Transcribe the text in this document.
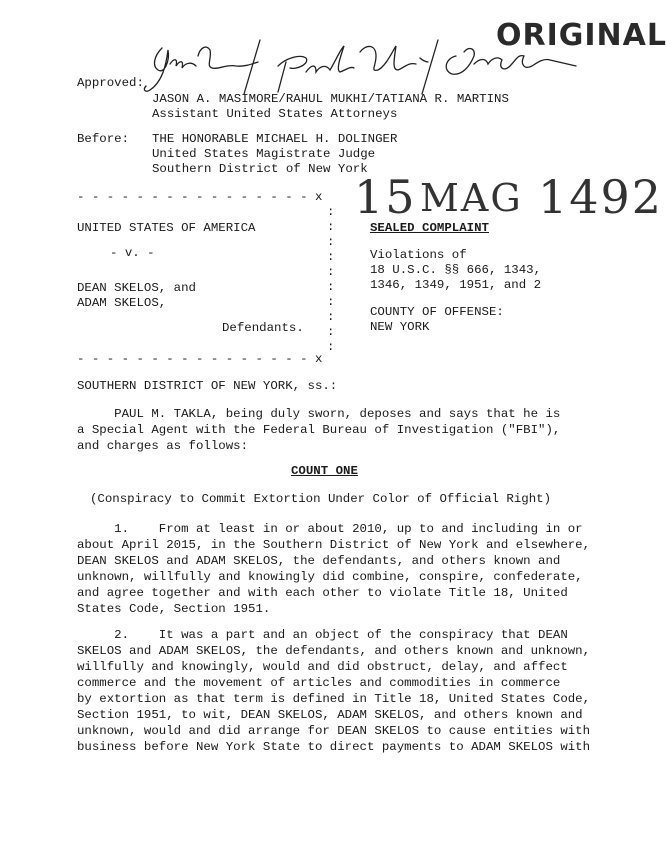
ORIGINAL
Approved:
JASON A. MASIMORE/RAHUL MUKHI/TATIANA R. MARTINS
Assistant United States Attorneys
Before: THE HONORABLE MICHAEL H. DOLINGER
United States Magistrate Judge
Southern District of New York
- - - - - - - - - - - - - - - - x 15 MAG 1492
:
:
:
:
:
:
:
:
:
:
UNITED STATES OF AMERICA
- v. -
DEAN SKELOS, and
ADAM SKELOS,
Defendants.
- - - - - - - - - - - - - - - - x
SEALED COMPLAINT
Violations of
18 U.S.C. §§ 666, 1343,
1346, 1349, 1951, and 2
COUNTY OF OFFENSE:
NEW YORK
SOUTHERN DISTRICT OF NEW YORK, ss.:
PAUL M. TAKLA, being duly sworn, deposes and says that he is
a Special Agent with the Federal Bureau of Investigation ("FBI"),
and charges as follows:
COUNT ONE
(Conspiracy to Commit Extortion Under Color of Official Right)
1.    From at least in or about 2010, up to and including in or
about April 2015, in the Southern District of New York and elsewhere,
DEAN SKELOS and ADAM SKELOS, the defendants, and others known and
unknown, willfully and knowingly did combine, conspire, confederate,
and agree together and with each other to violate Title 18, United
States Code, Section 1951.
2.    It was a part and an object of the conspiracy that DEAN
SKELOS and ADAM SKELOS, the defendants, and others known and unknown,
willfully and knowingly, would and did obstruct, delay, and affect
commerce and the movement of articles and commodities in commerce
by extortion as that term is defined in Title 18, United States Code,
Section 1951, to wit, DEAN SKELOS, ADAM SKELOS, and others known and
unknown, would and did arrange for DEAN SKELOS to cause entities with
business before New York State to direct payments to ADAM SKELOS with
